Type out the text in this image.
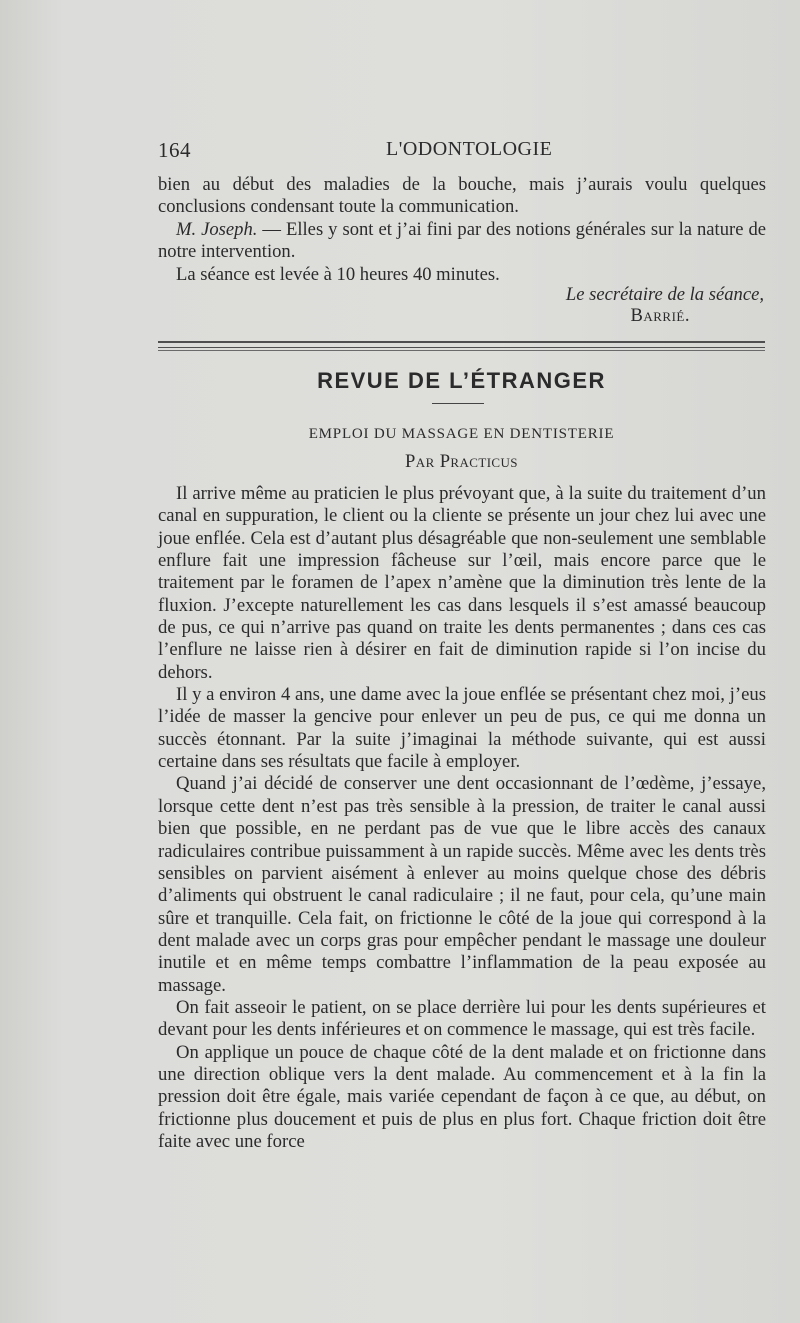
164	L'ODONTOLOGIE

bien au début des maladies de la bouche, mais j’aurais voulu quelques conclusions condensant toute la communication.

M. Joseph. — Elles y sont et j’ai fini par des notions générales sur la nature de notre intervention.

La séance est levée à 10 heures 40 minutes.

Le secrétaire de la séance,
Barrié.
REVUE DE L’ÉTRANGER
EMPLOI DU MASSAGE EN DENTISTERIE
Par Practicus

Il arrive même au praticien le plus prévoyant que, à la suite du traitement d’un canal en suppuration, le client ou la cliente se présente un jour chez lui avec une joue enflée. Cela est d’autant plus désagréable que non-seulement une semblable enflure fait une impression fâcheuse sur l’œil, mais encore parce que le traitement par le foramen de l’apex n’amène que la diminution très lente de la fluxion. J’excepte naturellement les cas dans lesquels il s’est amassé beaucoup de pus, ce qui n’arrive pas quand on traite les dents permanentes ; dans ces cas l’enflure ne laisse rien à désirer en fait de diminution rapide si l’on incise du dehors.

Il y a environ 4 ans, une dame avec la joue enflée se présentant chez moi, j’eus l’idée de masser la gencive pour enlever un peu de pus, ce qui me donna un succès étonnant. Par la suite j’imaginai la méthode suivante, qui est aussi certaine dans ses résultats que facile à employer.

Quand j’ai décidé de conserver une dent occasionnant de l’œdème, j’essaye, lorsque cette dent n’est pas très sensible à la pression, de traiter le canal aussi bien que possible, en ne perdant pas de vue que le libre accès des canaux radiculaires contribue puissamment à un rapide succès. Même avec les dents très sensibles on parvient aisément à enlever au moins quelque chose des débris d’aliments qui obstruent le canal radiculaire ; il ne faut, pour cela, qu’une main sûre et tranquille. Cela fait, on frictionne le côté de la joue qui correspond à la dent malade avec un corps gras pour empêcher pendant le massage une douleur inutile et en même temps combattre l’inflammation de la peau exposée au massage.

On fait asseoir le patient, on se place derrière lui pour les dents supérieures et devant pour les dents inférieures et on commence le massage, qui est très facile.

On applique un pouce de chaque côté de la dent malade et on frictionne dans une direction oblique vers la dent malade. Au commencement et à la fin la pression doit être égale, mais variée cependant de façon à ce que, au début, on frictionne plus doucement et puis de plus en plus fort. Chaque friction doit être faite avec une force
